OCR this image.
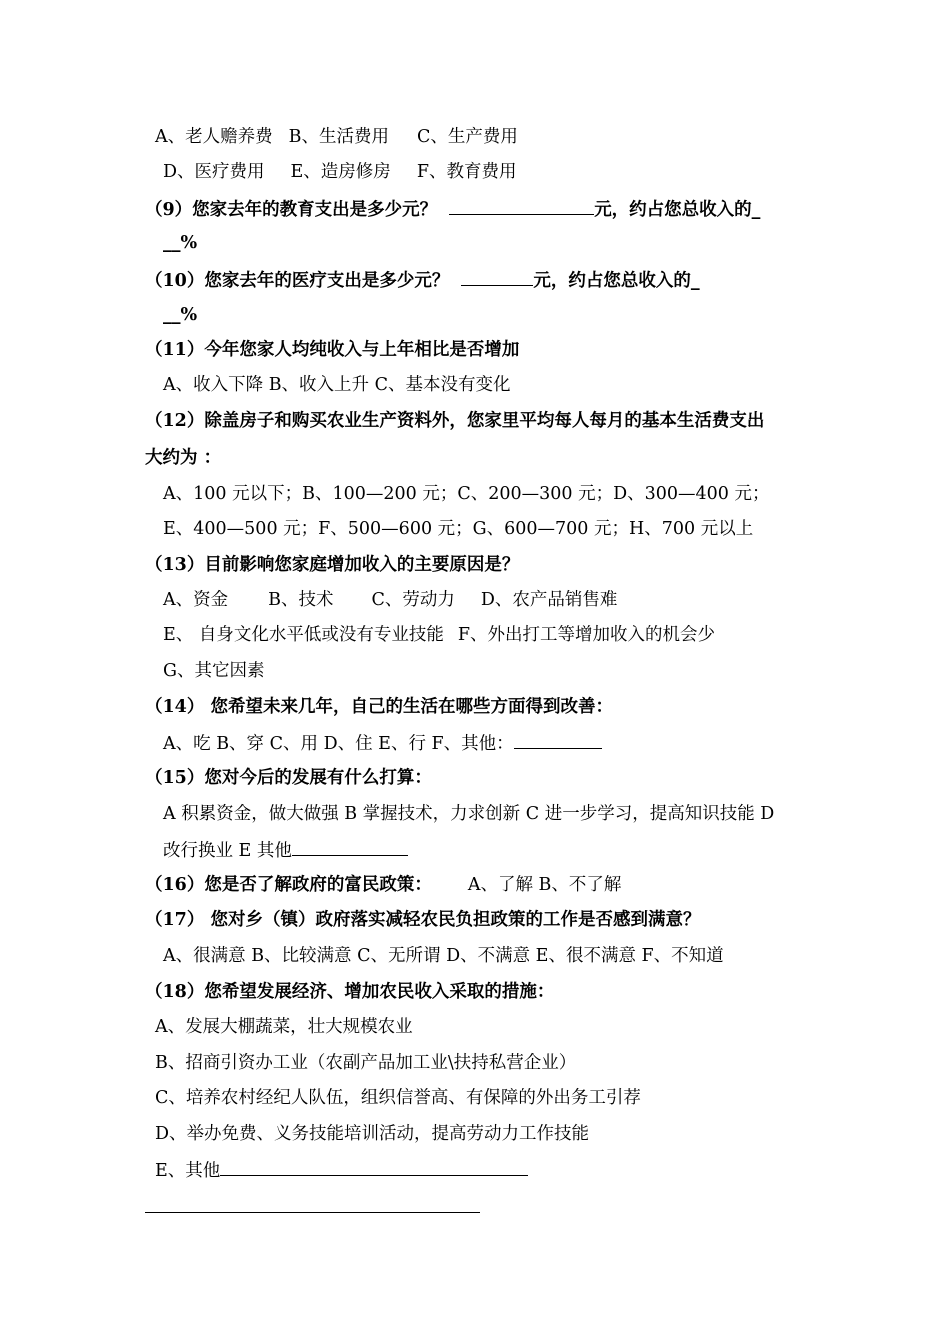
A、老人赡养费 B、生活费用 C、生产费用
D、医疗费用 E、造房修房 F、教育费用
（9）您家去年的教育支出是多少元？	元，约占您总收入的_
__%
（10）您家去年的医疗支出是多少元？	元，约占您总收入的_
__%
（11）今年您家人均纯收入与上年相比是否增加
A、收入下降 B、收入上升 C、基本没有变化
（12）除盖房子和购买农业生产资料外，您家里平均每人每月的基本生活费支出
大约为 ：
A、100 元以下；B、100—200 元；C、200—300 元；D、300—400 元；
E、400—500 元；F、500—600 元；G、600—700 元；H、700 元以上
（13）目前影响您家庭增加收入的主要原因是？
A、资金 B、技术 C、劳动力 D、农产品销售难
E、 自身文化水平低或没有专业技能 F、外出打工等增加收入的机会少
G、其它因素
（14） 您希望未来几年，自己的生活在哪些方面得到改善：
A、吃 B、穿 C、用 D、住 E、行 F、其他：
（15）您对今后的发展有什么打算：
A 积累资金，做大做强 B 掌握技术，力求创新 C 进一步学习，提高知识技能 D
改行换业 E 其他
（16）您是否了解政府的富民政策： A、了解 B、不了解
（17） 您对乡（镇）政府落实减轻农民负担政策的工作是否感到满意？
A、很满意 B、比较满意 C、无所谓 D、不满意 E、很不满意 F、不知道
（18）您希望发展经济、增加农民收入采取的措施：
A、发展大棚蔬菜，壮大规模农业
B、招商引资办工业（农副产品加工业\扶持私营企业）
C、培养农村经纪人队伍，组织信誉高、有保障的外出务工引荐
D、举办免费、义务技能培训活动，提高劳动力工作技能
E、其他
